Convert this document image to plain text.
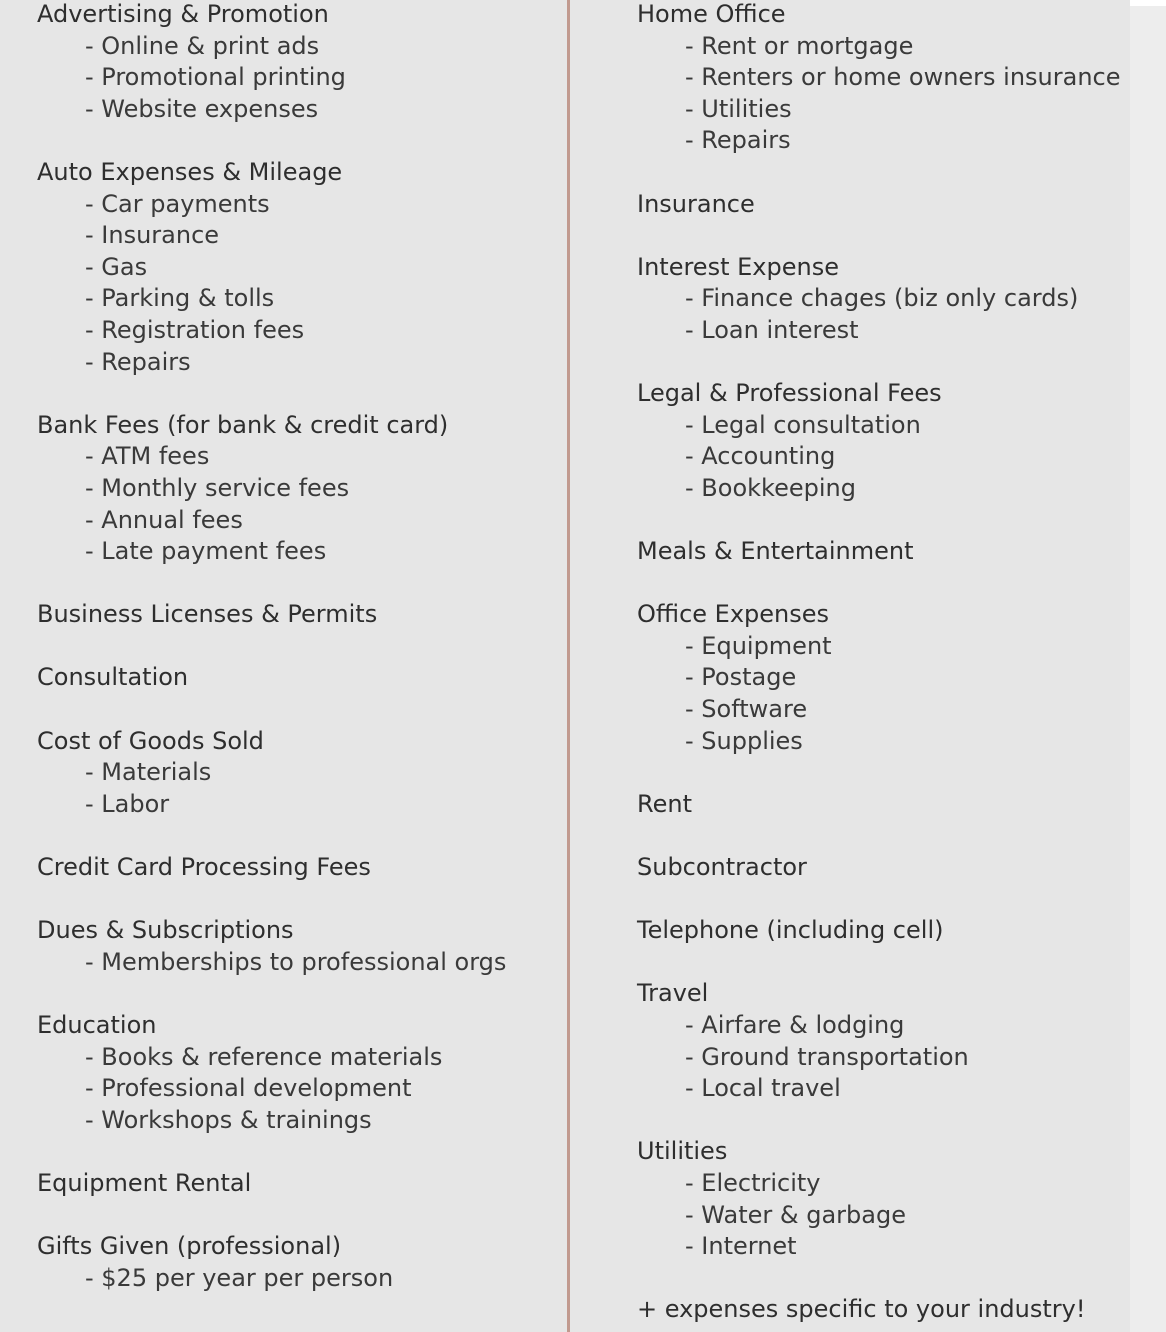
Advertising & Promotion
- Online & print ads
- Promotional printing
- Website expenses
Auto Expenses & Mileage
- Car payments
- Insurance
- Gas
- Parking & tolls
- Registration fees
- Repairs
Bank Fees (for bank & credit card)
- ATM fees
- Monthly service fees
- Annual fees
- Late payment fees
Business Licenses & Permits
Consultation
Cost of Goods Sold
- Materials
- Labor
Credit Card Processing Fees
Dues & Subscriptions
- Memberships to professional orgs
Education
- Books & reference materials
- Professional development
- Workshops & trainings
Equipment Rental
Gifts Given (professional)
- $25 per year per person
Home Office
- Rent or mortgage
- Renters or home owners insurance
- Utilities
- Repairs
Insurance
Interest Expense
- Finance chages (biz only cards)
- Loan interest
Legal & Professional Fees
- Legal consultation
- Accounting
- Bookkeeping
Meals & Entertainment
Office Expenses
- Equipment
- Postage
- Software
- Supplies
Rent
Subcontractor
Telephone (including cell)
Travel
- Airfare & lodging
- Ground transportation
- Local travel
Utilities
- Electricity
- Water & garbage
- Internet
+ expenses specific to your industry!
